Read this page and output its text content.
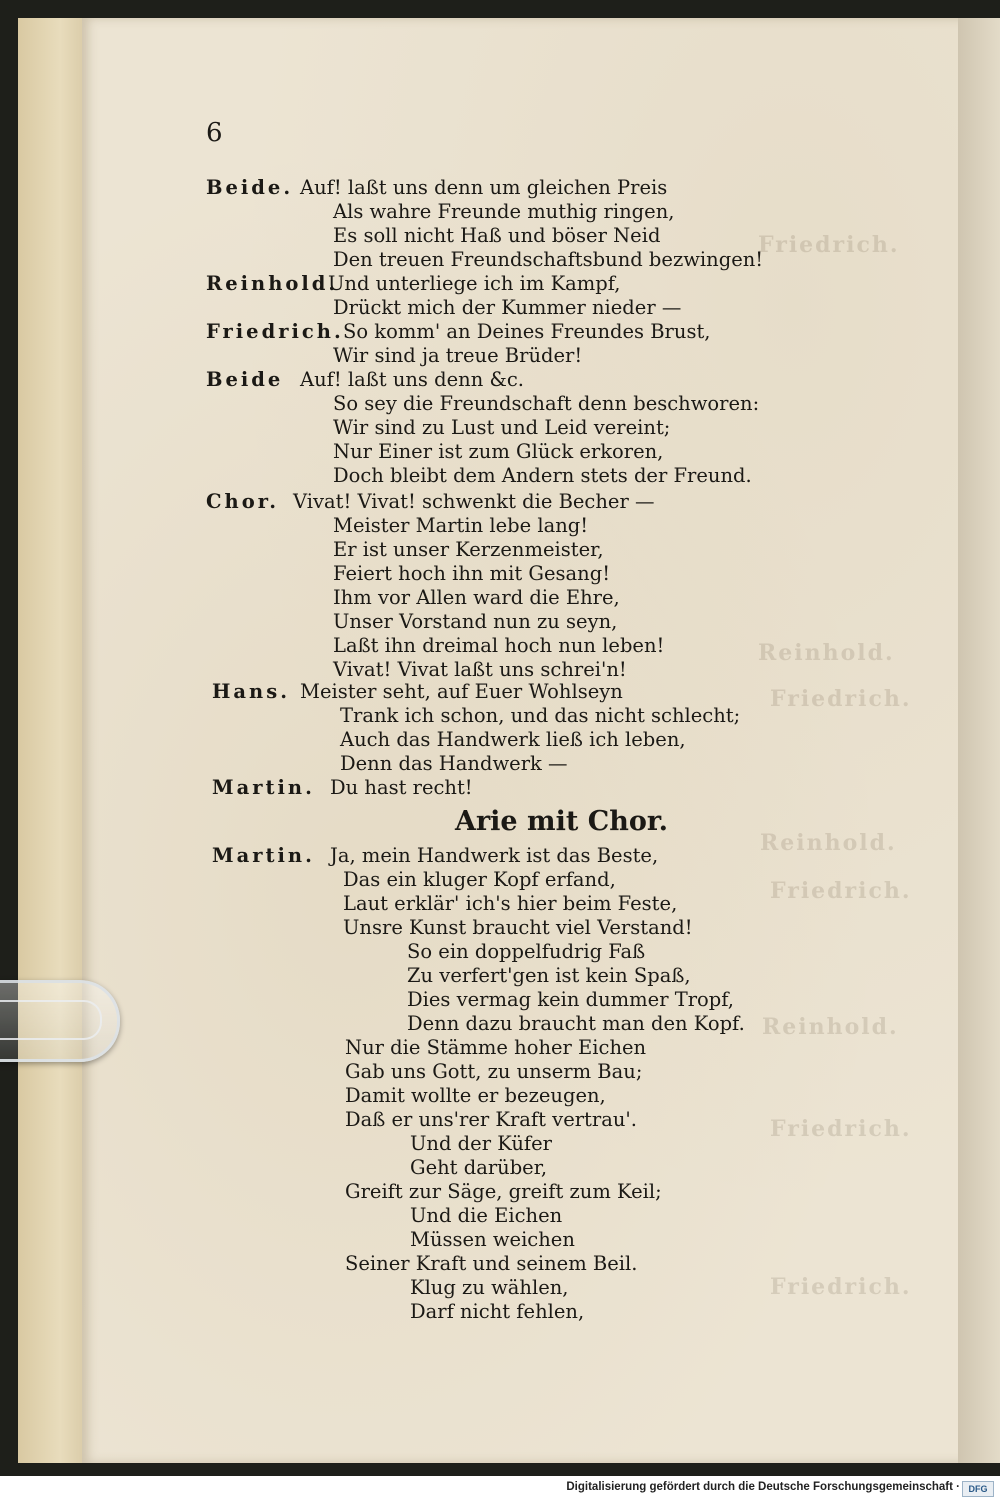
Friedrich.
Reinhold.
Friedrich.
Reinhold.
Friedrich.
Reinhold.
Friedrich.
Friedrich.
6
Beide. Auf! laßt uns denn um gleichen Preis
Als wahre Freunde muthig ringen,
Es soll nicht Haß und böser Neid
Den treuen Freundschaftsbund bezwingen!
Reinhold.
Und unterliege ich im Kampf,
Drückt mich der Kummer nieder —
Friedrich. So komm' an Deines Freundes Brust,
Wir sind ja treue Brüder!
Beide Auf! laßt uns denn &c.
So sey die Freundschaft denn beschworen:
Wir sind zu Lust und Leid vereint;
Nur Einer ist zum Glück erkoren,
Doch bleibt dem Andern stets der Freund.
Chor. Vivat! Vivat! schwenkt die Becher —
Meister Martin lebe lang!
Er ist unser Kerzenmeister,
Feiert hoch ihn mit Gesang!
Ihm vor Allen ward die Ehre,
Unser Vorstand nun zu seyn,
Laßt ihn dreimal hoch nun leben!
Vivat! Vivat laßt uns schrei'n!
Hans. Meister seht, auf Euer Wohlseyn
Trank ich schon, und das nicht schlecht;
Auch das Handwerk ließ ich leben,
Denn das Handwerk —
Martin. Du hast recht!
Arie mit Chor.
Martin. Ja, mein Handwerk ist das Beste,
Das ein kluger Kopf erfand,
Laut erklär' ich's hier beim Feste,
Unsre Kunst braucht viel Verstand!
So ein doppelfudrig Faß
Zu verfert'gen ist kein Spaß,
Dies vermag kein dummer Tropf,
Denn dazu braucht man den Kopf.
Nur die Stämme hoher Eichen
Gab uns Gott, zu unserm Bau;
Damit wollte er bezeugen,
Daß er uns'rer Kraft vertrau'.
Und der Küfer
Geht darüber,
Greift zur Säge, greift zum Keil;
Und die Eichen
Müssen weichen
Seiner Kraft und seinem Beil.
Klug zu wählen,
Darf nicht fehlen,
Digitalisierung gefördert durch die Deutsche Forschungsgemeinschaft · DFG
